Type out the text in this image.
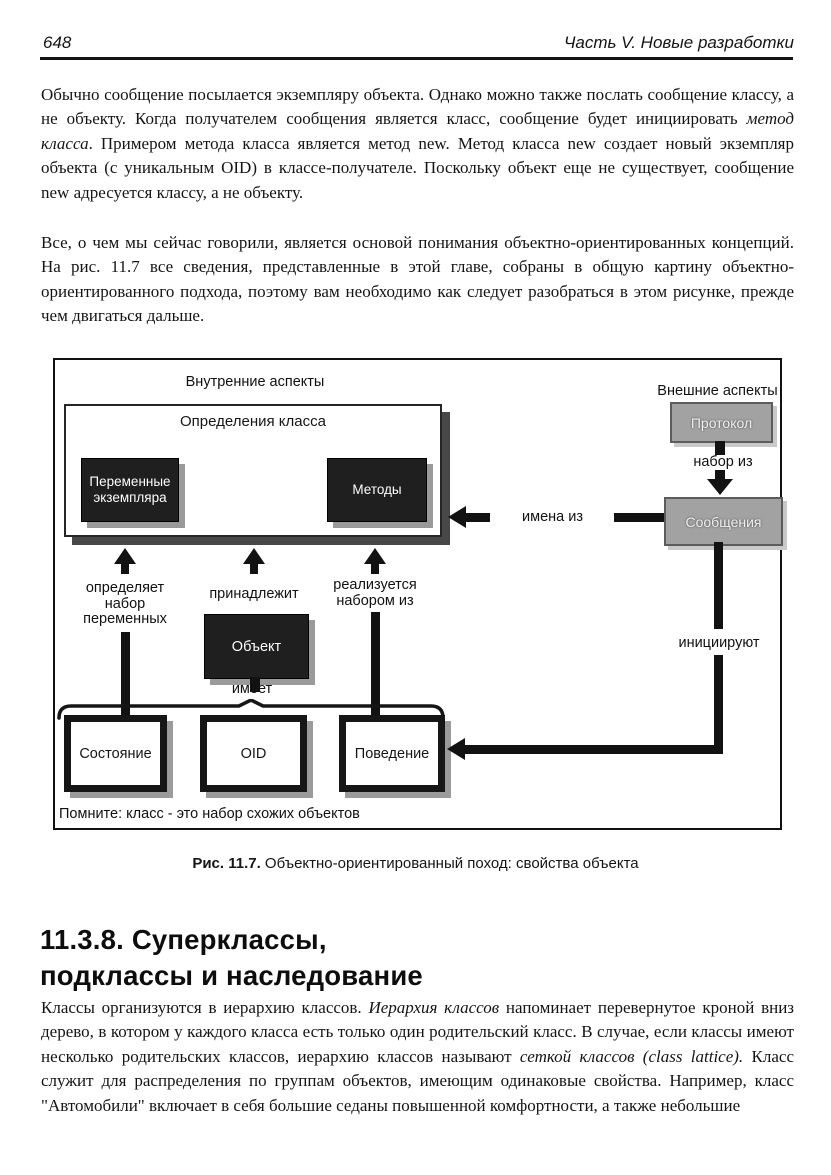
648	Часть V. Новые разработки

Обычно сообщение посылается экземпляру объекта. Однако можно также послать сообщение классу, а не объекту. Когда получателем сообщения является класс, сообщение будет инициировать метод класса. Примером метода класса является метод new. Метод класса new создает новый экземпляр объекта (с уникальным OID) в классе-получателе. Поскольку объект еще не существует, сообщение new адресуется классу, а не объекту.

Все, о чем мы сейчас говорили, является основой понимания объектно-ориентированных концепций. На рис. 11.7 все сведения, представленные в этой главе, собраны в общую картину объектно-ориентированного подхода, поэтому вам необходимо как следует разобраться в этом рисунке, прежде чем двигаться дальше.

Внутренние аспекты
Определения класса
Переменные экземпляра
Методы
определяет набор переменных
принадлежит
реализуется набором из
Объект
имеет
Состояние	OID	Поведение
Помните: класс - это набор схожих объектов
Внешние аспекты
Протокол
набор из
Сообщения
имена из
инициируют
Рис. 11.7. Объектно-ориентированный поход: свойства объекта
11.3.8. Суперклассы,
подклассы и наследование

Классы организуются в иерархию классов. Иерархия классов напоминает перевернутое кроной вниз дерево, в котором у каждого класса есть только один родительский класс. В случае, если классы имеют несколько родительских классов, иерархию классов называют сеткой классов (class lattice). Класс служит для распределения по группам объектов, имеющим одинаковые свойства. Например, класс "Автомобили" включает в себя большие седаны повышенной комфортности, а также небольшие
